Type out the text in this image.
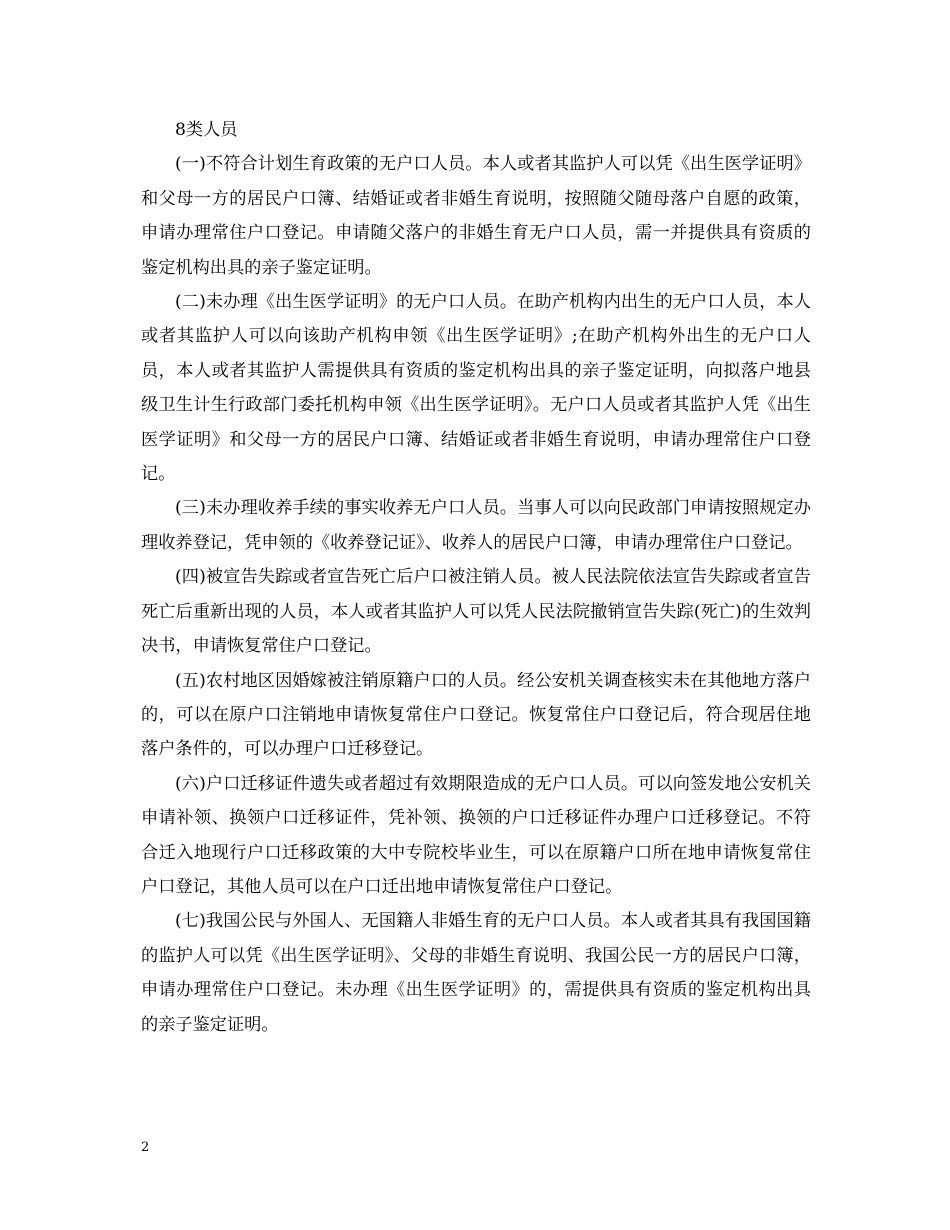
8类人员

(一)不符合计划生育政策的无户口人员。本人或者其监护人可以凭《出生医学证明》和父母一方的居民户口簿、结婚证或者非婚生育说明，按照随父随母落户自愿的政策，申请办理常住户口登记。申请随父落户的非婚生育无户口人员，需一并提供具有资质的鉴定机构出具的亲子鉴定证明。

(二)未办理《出生医学证明》的无户口人员。在助产机构内出生的无户口人员，本人或者其监护人可以向该助产机构申领《出生医学证明》;在助产机构外出生的无户口人员，本人或者其监护人需提供具有资质的鉴定机构出具的亲子鉴定证明，向拟落户地县级卫生计生行政部门委托机构申领《出生医学证明》。无户口人员或者其监护人凭《出生医学证明》和父母一方的居民户口簿、结婚证或者非婚生育说明，申请办理常住户口登记。

(三)未办理收养手续的事实收养无户口人员。当事人可以向民政部门申请按照规定办理收养登记，凭申领的《收养登记证》、收养人的居民户口簿，申请办理常住户口登记。

(四)被宣告失踪或者宣告死亡后户口被注销人员。被人民法院依法宣告失踪或者宣告死亡后重新出现的人员，本人或者其监护人可以凭人民法院撤销宣告失踪(死亡)的生效判决书，申请恢复常住户口登记。

(五)农村地区因婚嫁被注销原籍户口的人员。经公安机关调查核实未在其他地方落户的，可以在原户口注销地申请恢复常住户口登记。恢复常住户口登记后，符合现居住地落户条件的，可以办理户口迁移登记。

(六)户口迁移证件遗失或者超过有效期限造成的无户口人员。可以向签发地公安机关申请补领、换领户口迁移证件，凭补领、换领的户口迁移证件办理户口迁移登记。不符合迁入地现行户口迁移政策的大中专院校毕业生，可以在原籍户口所在地申请恢复常住户口登记，其他人员可以在户口迁出地申请恢复常住户口登记。

(七)我国公民与外国人、无国籍人非婚生育的无户口人员。本人或者其具有我国国籍的监护人可以凭《出生医学证明》、父母的非婚生育说明、我国公民一方的居民户口簿，申请办理常住户口登记。未办理《出生医学证明》的，需提供具有资质的鉴定机构出具的亲子鉴定证明。

2
